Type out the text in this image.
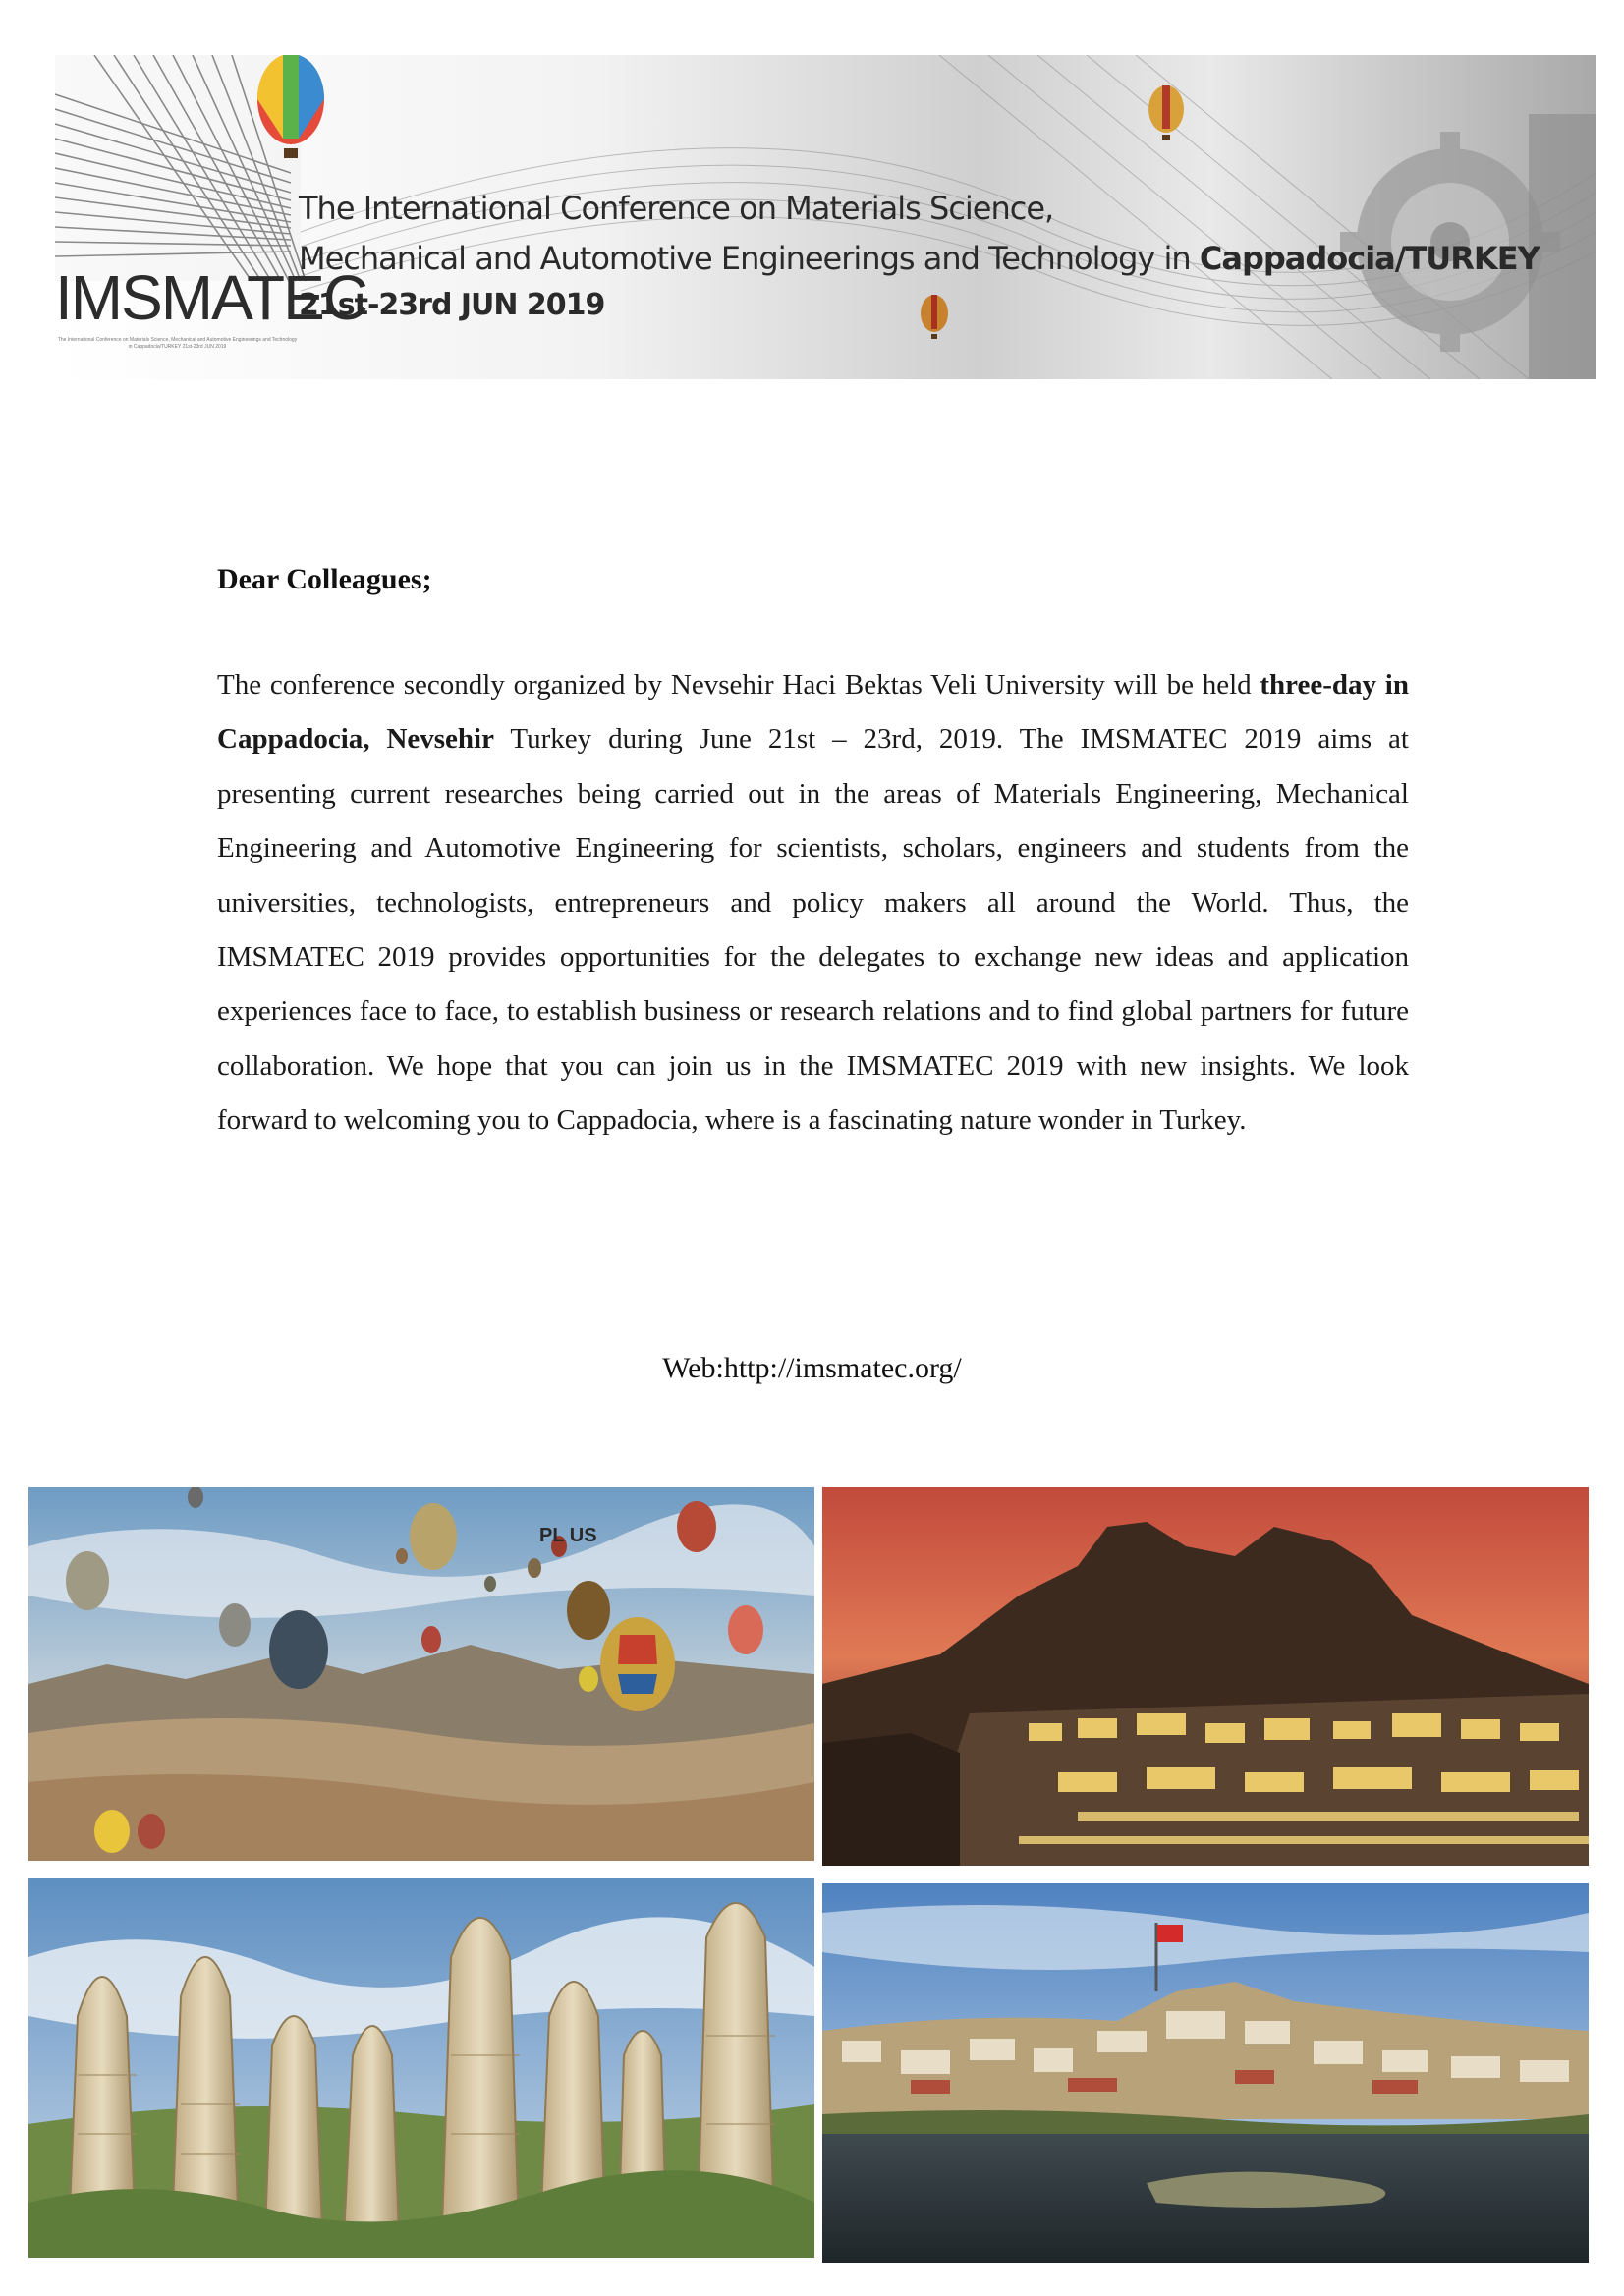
IMSMATEC
The International Conference on Materials Science, Mechanical and Automotive Engineerings and Technology in Cappadocia/TURKEY 21st-23rd JUN 2019
The International Conference on Materials Science,
Mechanical and Automotive Engineerings and Technology in Cappadocia/TURKEY
21st-23rd JUN 2019
Dear Colleagues;
The conference secondly organized by Nevsehir Haci Bektas Veli University will be held three-day in Cappadocia, Nevsehir Turkey during June 21st – 23rd, 2019. The IMSMATEC 2019 aims at presenting current researches being carried out in the areas of Materials Engineering, Mechanical Engineering and Automotive Engineering for scientists, scholars, engineers and students from the universities, technologists, entrepreneurs and policy makers all around the World. Thus, the IMSMATEC 2019 provides opportunities for the delegates to exchange new ideas and application experiences face to face, to establish business or research relations and to find global partners for future collaboration. We hope that you can join us in the IMSMATEC 2019 with new insights. We look forward to welcoming you to Cappadocia, where is a fascinating nature wonder in Turkey.
Web:http://imsmatec.org/
PL US
